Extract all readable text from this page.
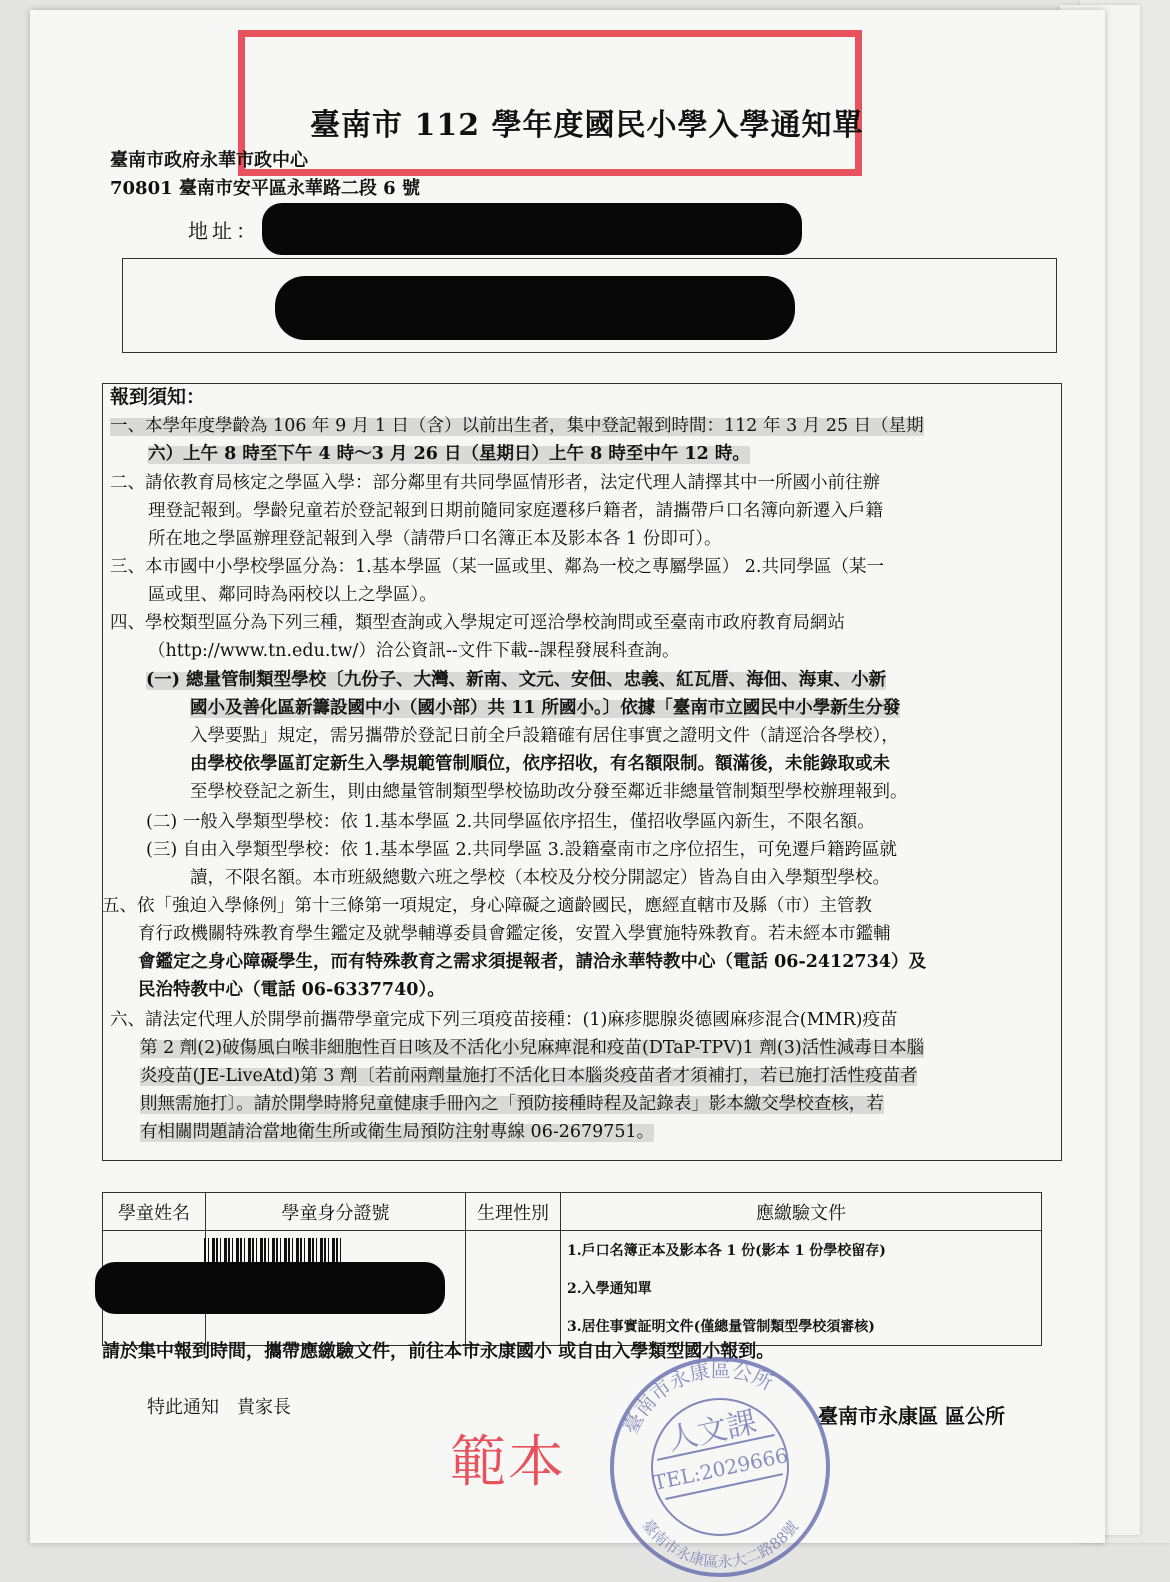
臺南市 112 學年度國民小學入學通知單
臺南市政府永華市政中心
70801 臺南市安平區永華路二段 6 號
地址：
報到須知：
一、本學年度學齡為 106 年 9 月 1 日（含）以前出生者，集中登記報到時間：112 年 3 月 25 日（星期
六）上午 8 時至下午 4 時～3 月 26 日（星期日）上午 8 時至中午 12 時。
二、請依教育局核定之學區入學：部分鄰里有共同學區情形者，法定代理人請擇其中一所國小前往辦
理登記報到。學齡兒童若於登記報到日期前隨同家庭遷移戶籍者，請攜帶戶口名簿向新遷入戶籍
所在地之學區辦理登記報到入學（請帶戶口名簿正本及影本各 1 份即可）。
三、本市國中小學校學區分為：1.基本學區（某一區或里、鄰為一校之專屬學區） 2.共同學區（某一
區或里、鄰同時為兩校以上之學區）。
四、學校類型區分為下列三種，類型查詢或入學規定可逕洽學校詢問或至臺南市政府教育局網站
（http://www.tn.edu.tw/）洽公資訊--文件下載--課程發展科查詢。
(一) 總量管制類型學校〔九份子、大灣、新南、文元、安佃、忠義、紅瓦厝、海佃、海東、小新
國小及善化區新籌設國中小（國小部）共 11 所國小。〕依據「臺南市立國民中小學新生分發
入學要點」規定，需另攜帶於登記日前全戶設籍確有居住事實之證明文件（請逕洽各學校），
由學校依學區訂定新生入學規範管制順位，依序招收，有名額限制。額滿後，未能錄取或未
至學校登記之新生，則由總量管制類型學校協助改分發至鄰近非總量管制類型學校辦理報到。
(二) 一般入學類型學校：依 1.基本學區 2.共同學區依序招生，僅招收學區內新生，不限名額。
(三) 自由入學類型學校：依 1.基本學區 2.共同學區 3.設籍臺南市之序位招生，可免遷戶籍跨區就
讀，不限名額。本市班級總數六班之學校（本校及分校分開認定）皆為自由入學類型學校。
五、依「強迫入學條例」第十三條第一項規定，身心障礙之適齡國民，應經直轄市及縣（市）主管教
育行政機關特殊教育學生鑑定及就學輔導委員會鑑定後，安置入學實施特殊教育。若未經本市鑑輔
會鑑定之身心障礙學生，而有特殊教育之需求須提報者，請洽永華特教中心（電話 06-2412734）及
民治特教中心（電話 06-6337740）。
六、請法定代理人於開學前攜帶學童完成下列三項疫苗接種：(1)麻疹腮腺炎德國麻疹混合(MMR)疫苗
第 2 劑(2)破傷風白喉非細胞性百日咳及不活化小兒麻痺混和疫苗(DTaP-TPV)1 劑(3)活性減毒日本腦
炎疫苗(JE-LiveAtd)第 3 劑〔若前兩劑量施打不活化日本腦炎疫苗者才須補打，若已施打活性疫苗者
則無需施打〕。請於開學時將兒童健康手冊內之「預防接種時程及記錄表」影本繳交學校查核，若
有相關問題請洽當地衛生所或衛生局預防注射專線 06-2679751。
學童姓名	學童身分證號	生理性別	應繳驗文件

			1.戶口名簿正本及影本各 1 份(影本 1 份學校留存)
2.入學通知單
3.居住事實証明文件(僅總量管制類型學校須審核)
請於集中報到時間，攜帶應繳驗文件，前往本市永康國小 或自由入學類型國小報到。
特此通知　貴家長	臺南市永康區 區公所
範本
臺南市永康區公所
臺南市永康區永大二路88號
人文課
TEL:2029666
